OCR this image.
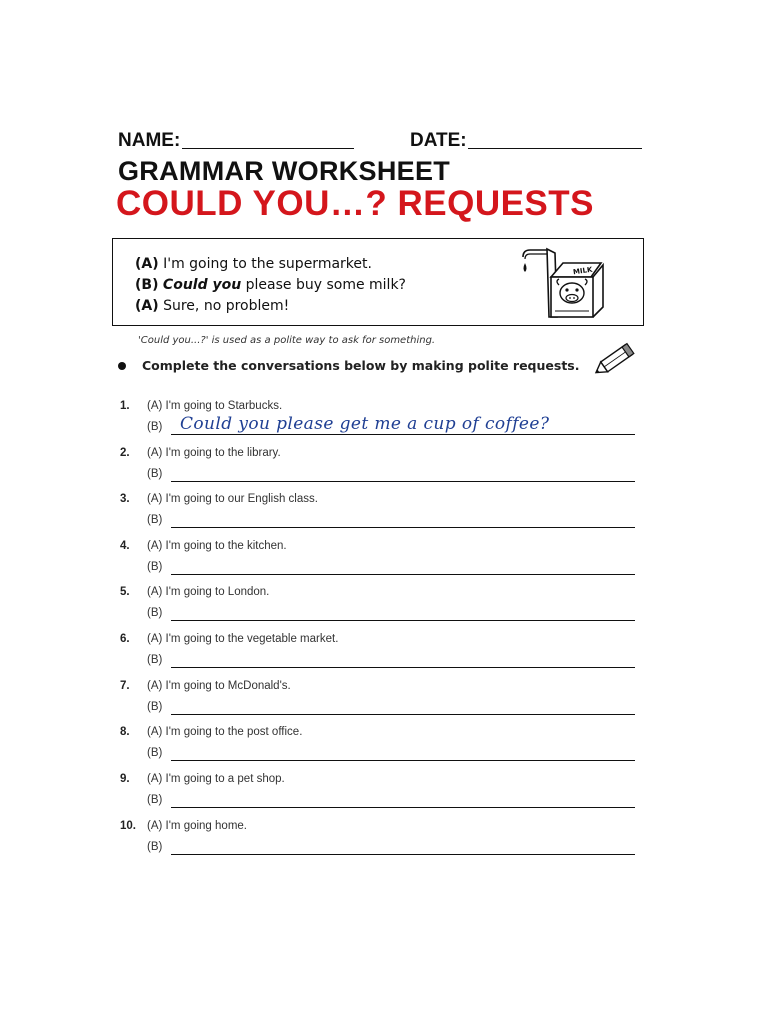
NAME:	DATE:
GRAMMAR WORKSHEET
COULD YOU…? REQUESTS
(A) I'm going to the supermarket.
(B) Could you please buy some milk?
(A) Sure, no problem!
MILK
'Could you...?' is used as a polite way to ask for something.
Complete the conversations below by making polite requests.
1. (A) I'm going to Starbucks.
(B) Could you please get me a cup of coffee?
2. (A) I'm going to the library.
(B)
3. (A) I'm going to our English class.
(B)
4. (A) I'm going to the kitchen.
(B)
5. (A) I'm going to London.
(B)
6. (A) I'm going to the vegetable market.
(B)
7. (A) I'm going to McDonald's.
(B)
8. (A) I'm going to the post office.
(B)
9. (A) I'm going to a pet shop.
(B)
10. (A) I'm going home.
(B)
